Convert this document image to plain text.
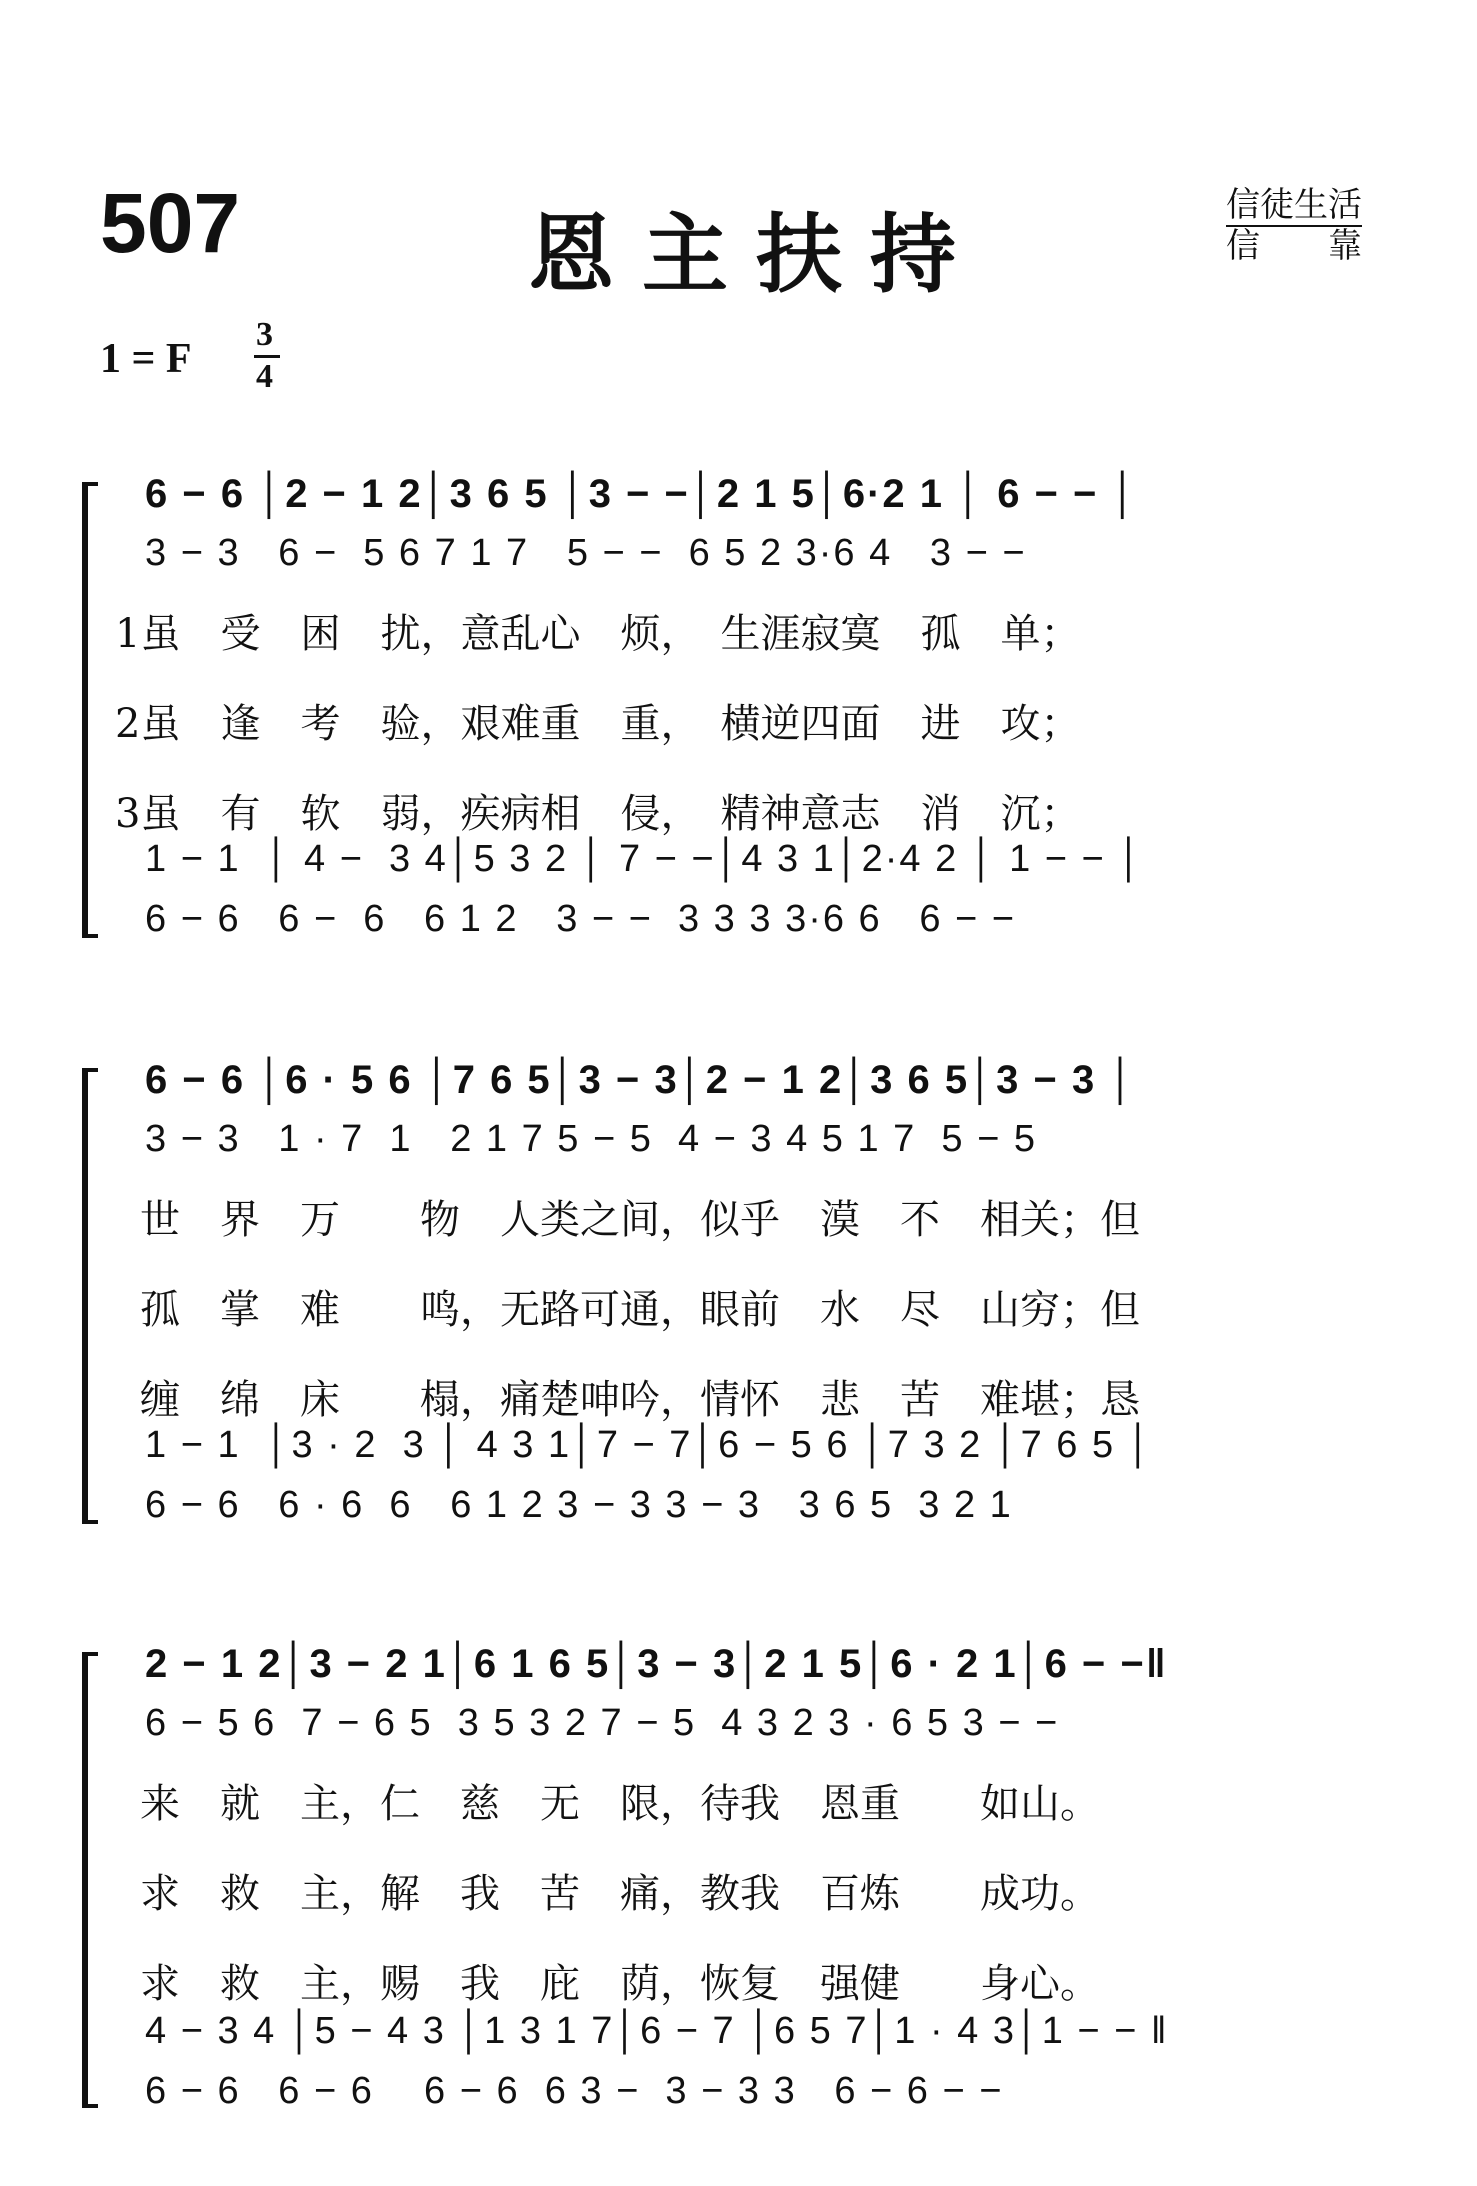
507	恩主扶持	信徒生活
信　　靠
1 = F
3
4
6 − 6 │2 − 1 2│3 6 5 │3 − −│2 1 5│6·2 1 │ 6 − − │
3 − 3   6 −  5 6 7 1 7   5 − −  6 5 2 3·6 4   3 − −
1虽　受　困　扰，意乱心　烦，　生涯寂寞　孤　单；
2虽　逢　考　验，艰难重　重，　横逆四面　进　攻；
3虽　有　软　弱，疾病相　侵，　精神意志　消　沉；
1 − 1  │ 4 −  3 4│5 3 2 │ 7 − −│4 3 1│2·4 2 │ 1 − − │
6 − 6   6 −  6   6 1 2   3 − −  3 3 3 3·6 6   6 − −
6 − 6 │6 · 5 6 │7 6 5│3 − 3│2 − 1 2│3 6 5│3 − 3 │
3 − 3   1 · 7  1   2 1 7 5 − 5  4 − 3 4 5 1 7  5 − 5
世　界　万　　物　人类之间，似乎　漠　不　相关；但
孤　掌　难　　鸣，无路可通，眼前　水　尽　山穷；但
缠　绵　床　　榻，痛楚呻吟，情怀　悲　苦　难堪；恳
1 − 1  │3 · 2  3 │ 4 3 1│7 − 7│6 − 5 6 │7 3 2 │7 6 5 │
6 − 6   6 · 6  6   6 1 2 3 − 3 3 − 3   3 6 5  3 2 1
2 − 1 2│3 − 2 1│6 1 6 5│3 − 3│2 1 5│6 · 2 1│6 − −‖
6 − 5 6  7 − 6 5  3 5 3 2 7 − 5  4 3 2 3 · 6 5 3 − −
来　就　主，仁　慈　无　限，待我　恩重　　如山。
求　救　主，解　我　苦　痛，教我　百炼　　成功。
求　救　主，赐　我　庇　荫，恢复　强健　　身心。
4 − 3 4 │5 − 4 3 │1 3 1 7│6 − 7 │6 5 7│1 · 4 3│1 − − ‖
6 − 6   6 − 6    6 − 6  6 3 −  3 − 3 3   6 − 6 − −
